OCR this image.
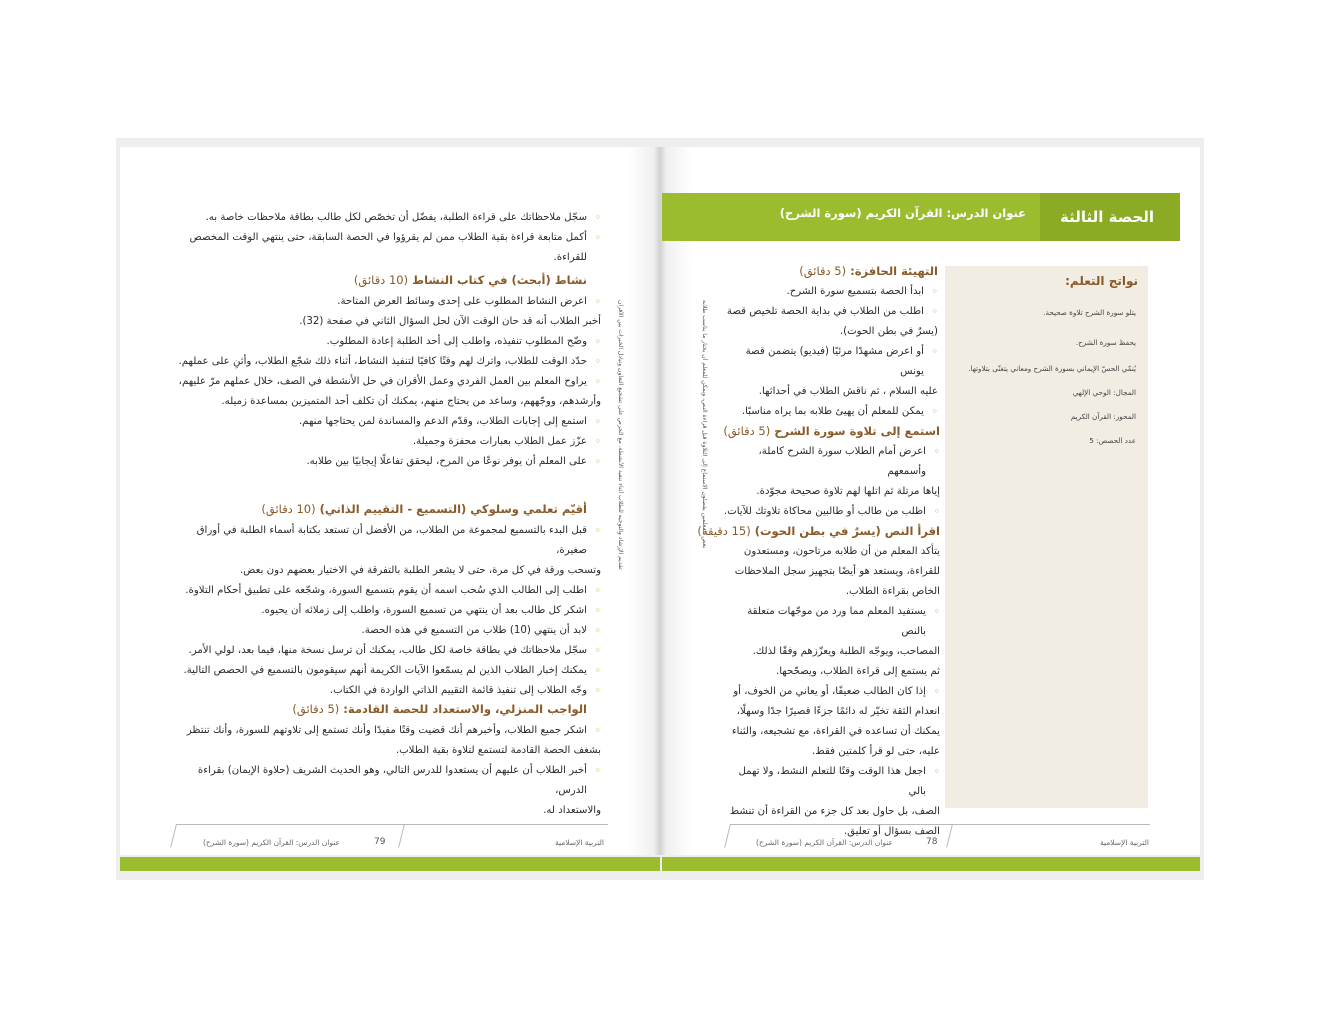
الحصة الثالثة
عنوان الدرس: القرآن الكريم (سورة الشرح)
نواتج التعلم:
يتلو سورة الشرح تلاوة صحيحة.
يحفظ سورة الشرح.
يُنمّي الحسّ الإيماني بسورة الشرح ومعاني يتغنّى بتلاوتها.
المجال: الوحي الإلهي
المحور: القرآن الكريم
عدد الحصص: 5
التهيئة الحافزة: (5 دقائق)
◦ ابدأ الحصة بتسميع سورة الشرح.
◦ اطلب من الطلاب في بداية الحصة تلخيص قصة
(يسرٌ في بطن الحوت).
◦ أو اعرض مشهدًا مرئيًا (فيديو) يتضمن قصة يونس
عليه السلام ، ثم ناقش الطلاب في أحداثها.
◦ يمكن للمعلم أن يهيئ طلابه بما يراه مناسبًا.
استمع إلى تلاوة سورة الشرح (5 دقائق)
◦ اعرض أمام الطلاب سورة الشرح كاملة، وأسمعهم
إياها مرتلة ثم اتلها لهم تلاوة صحيحة مجوّدة.
◦ اطلب من طالب أو طالبين محاكاة تلاوتك للآيات.
اقرأ النص (يسرٌ في بطن الحوت) (15 دقيقة)
يتأكد المعلم من أن طلابه مرتاحون، ومستعدون
للقراءة، ويستعد هو أيضًا بتجهيز سجل الملاحظات
الخاص بقراءة الطلاب.
◦ يستفيد المعلم مما ورد من موجّهات متعلقة بالنص
المصاحب، ويوجّه الطلبة ويعزّزهم وفقًا لذلك.
ثم يستمع إلى قراءة الطلاب، ويصحّحها.
◦ إذا كان الطالب ضعيفًا، أو يعاني من الخوف، أو
انعدام الثقة تخيّر له دائمًا جزءًا قصيرًا جدًا وسهلًا،
يمكنك أن تساعده في القراءة، مع تشجيعه، والثناء
عليه، حتى لو قرأ كلمتين فقط.
◦ اجعل هذا الوقت وقتًا للتعلم النشط، ولا تهمل بالي
الصف، بل حاول بعد كل جزء من القراءة أن تنشط
الصف بسؤال أو تعليق.
بعض المعلمين يفضلون الاستماع إلى التلاوة قبل قراءة النص، ويمكن للمعلم أن يختار ما يناسب طلابه
التربية الإسلامية
78
عنوان الدرس: القرآن الكريم (سورة الشرح)
◦ سجّل ملاحظاتك على قراءة الطلبة، يفضّل أن تخصّص لكل طالب بطاقة ملاحظات خاصة به.
◦ أكمل متابعة قراءة بقية الطلاب ممن لم يقرؤوا في الحصة السابقة، حتى ينتهي الوقت المخصص للقراءة.
نشاط (أبحث) في كتاب النشاط (10 دقائق)
◦ اعرض النشاط المطلوب على إحدى وسائط العرض المتاحة.
أخبر الطلاب أنه قد حان الوقت الآن لحل السؤال الثاني في صفحة (32).
◦ وضّح المطلوب تنفيذه، واطلب إلى أحد الطلبة إعادة المطلوب.
◦ حدّد الوقت للطلاب، واترك لهم وقتًا كافيًا لتنفيذ النشاط، أثناء ذلك شجّع الطلاب، وأثنِ على عملهم.
◦ يراوح المعلم بين العمل الفردي وعمل الأقران في حل الأنشطة في الصف، خلال عملهم مرّ عليهم،
وأرشدهم، ووجّههم، وساعد من يحتاج منهم، يمكنك أن تكلف أحد المتميزين بمساعدة زميله.
◦ استمع إلى إجابات الطلاب، وقدّم الدعم والمساندة لمن يحتاجها منهم.
◦ عزّز عمل الطلاب بعبارات محفزة وجميلة.
◦ على المعلم أن يوفر نوعًا من المرح، ليحقق تفاعلًا إيجابيًا بين طلابه.
أقيّم تعلمي وسلوكي (التسميع - التقييم الذاتي) (10 دقائق)
◦ قبل البدء بالتسميع لمجموعة من الطلاب، من الأفضل أن تستعد بكتابة أسماء الطلبة في أوراق صغيرة،
وتسحب ورقة في كل مرة، حتى لا يشعر الطلبة بالتفرقة في الاختيار بعضهم دون بعض.
◦ اطلب إلى الطالب الذي سُحب اسمه أن يقوم بتسميع السورة، وشجّعه على تطبيق أحكام التلاوة.
◦ اشكر كل طالب بعد أن ينتهي من تسميع السورة، واطلب إلى زملائه أن يحيوه.
◦ لابد أن ينتهي (10) طلاب من التسميع في هذه الحصة.
◦ سجّل ملاحظاتك في بطاقة خاصة لكل طالب، يمكنك أن ترسل نسخة منها، فيما بعد، لولي الأمر.
◦ يمكنك إخبار الطلاب الذين لم يسمّعوا الآيات الكريمة أنهم سيقومون بالتسميع في الحصص التالية.
◦ وجّه الطلاب إلى تنفيذ قائمة التقييم الذاتي الواردة في الكتاب.
الواجب المنزلي، والاستعداد للحصة القادمة: (5 دقائق)
◦ اشكر جميع الطلاب، وأخبرهم أنك قضيت وقتًا مفيدًا وأنك تستمع إلى تلاوتهم للسورة، وأنك تنتظر
بشغف الحصة القادمة لتستمع لتلاوة بقية الطلاب.
◦ أخبر الطلاب أن عليهم أن يستعدوا للدرس التالي، وهو الحديث الشريف (حلاوة الإيمان) بقراءة الدرس،
والاستعداد له.
تقديم الإرشاد والتوجيه للطلاب أثناء تنفيذ الأنشطة، مع الحرص على تشجيع التعاون وتبادل الخبرات بين الأقران
التربية الإسلامية
79
عنوان الدرس: القرآن الكريم (سورة الشرح)
